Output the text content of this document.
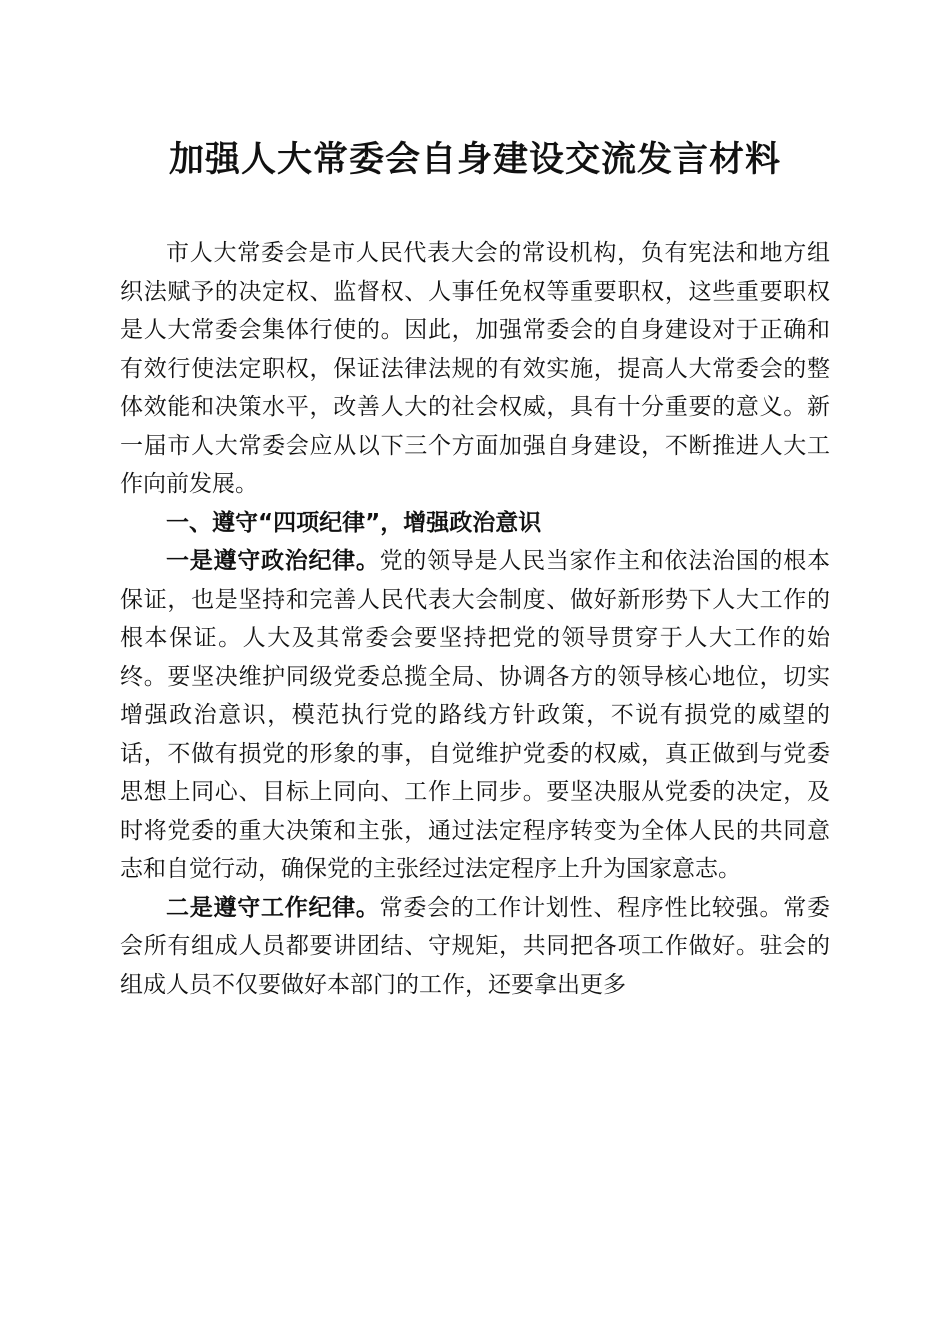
加强人大常委会自身建设交流发言材料

市人大常委会是市人民代表大会的常设机构，负有宪法和地方组织法赋予的决定权、监督权、人事任免权等重要职权，这些重要职权是人大常委会集体行使的。因此，加强常委会的自身建设对于正确和有效行使法定职权，保证法律法规的有效实施，提高人大常委会的整体效能和决策水平，改善人大的社会权威，具有十分重要的意义。新一届市人大常委会应从以下三个方面加强自身建设，不断推进人大工作向前发展。

一、遵守“四项纪律”，增强政治意识

一是遵守政治纪律。党的领导是人民当家作主和依法治国的根本保证，也是坚持和完善人民代表大会制度、做好新形势下人大工作的根本保证。人大及其常委会要坚持把党的领导贯穿于人大工作的始终。要坚决维护同级党委总揽全局、协调各方的领导核心地位，切实增强政治意识，模范执行党的路线方针政策，不说有损党的威望的话，不做有损党的形象的事，自觉维护党委的权威，真正做到与党委思想上同心、目标上同向、工作上同步。要坚决服从党委的决定，及时将党委的重大决策和主张，通过法定程序转变为全体人民的共同意志和自觉行动，确保党的主张经过法定程序上升为国家意志。

二是遵守工作纪律。常委会的工作计划性、程序性比较强。常委会所有组成人员都要讲团结、守规矩，共同把各项工作做好。驻会的组成人员不仅要做好本部门的工作，还要拿出更多
